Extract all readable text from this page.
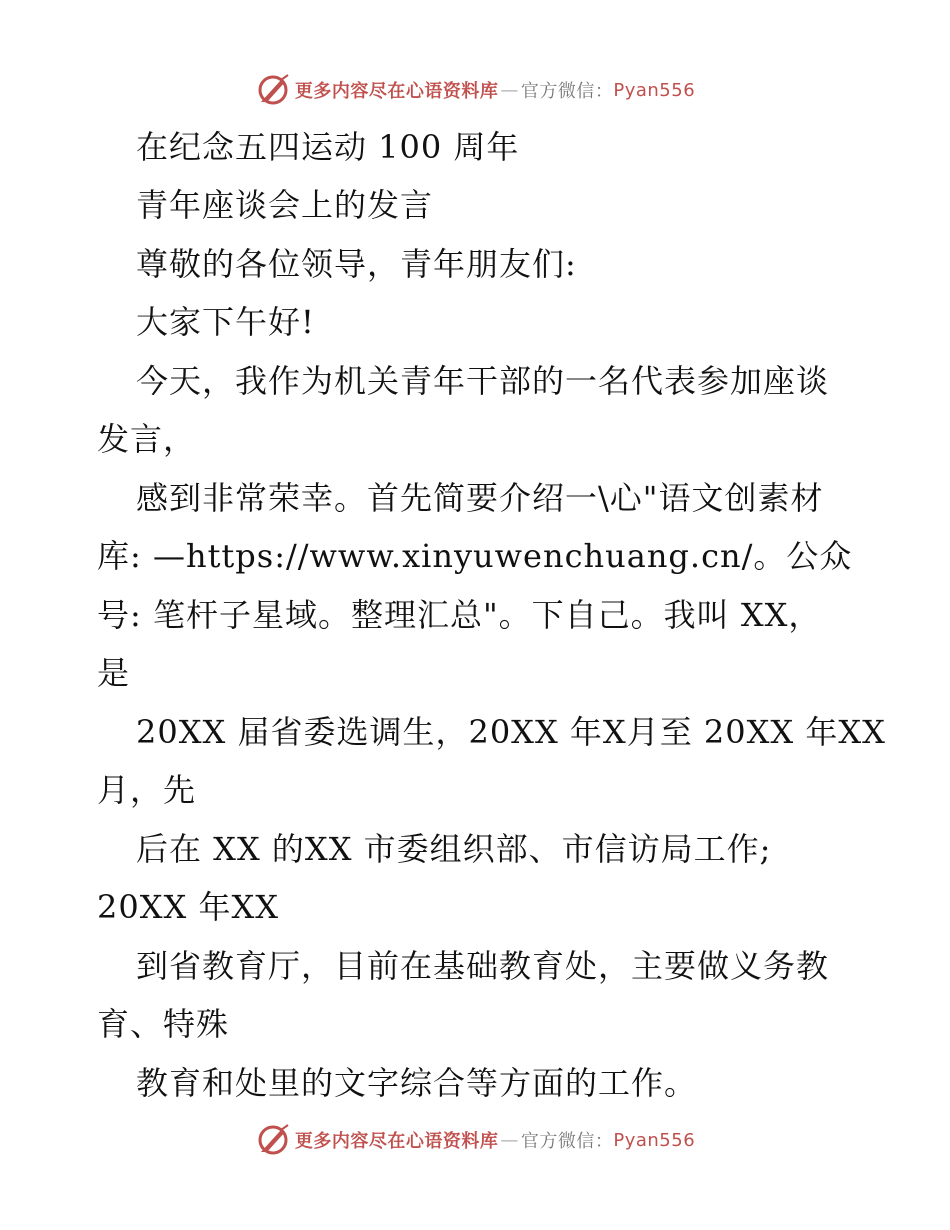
更多内容尽在心语资料库 — 官方微信： Pyan556

在纪念五四运动 100 周年

青年座谈会上的发言

尊敬的各位领导，青年朋友们:

大家下午好!

今天，我作为机关青年干部的一名代表参加座谈

发言，

感到非常荣幸。首先简要介绍一\心"语文创素材

库: —https://www.xinyuwenchuang.cn/。公众

号: 笔杆子星域。整理汇总"。下自己。我叫 XX，

是

20XX 届省委选调生，20XX 年X月至 20XX 年XX

月，先

后在 XX 的XX 市委组织部、市信访局工作;

20XX 年XX

到省教育厅，目前在基础教育处，主要做义务教

育、特殊

教育和处里的文字综合等方面的工作。

更多内容尽在心语资料库 — 官方微信： Pyan556
